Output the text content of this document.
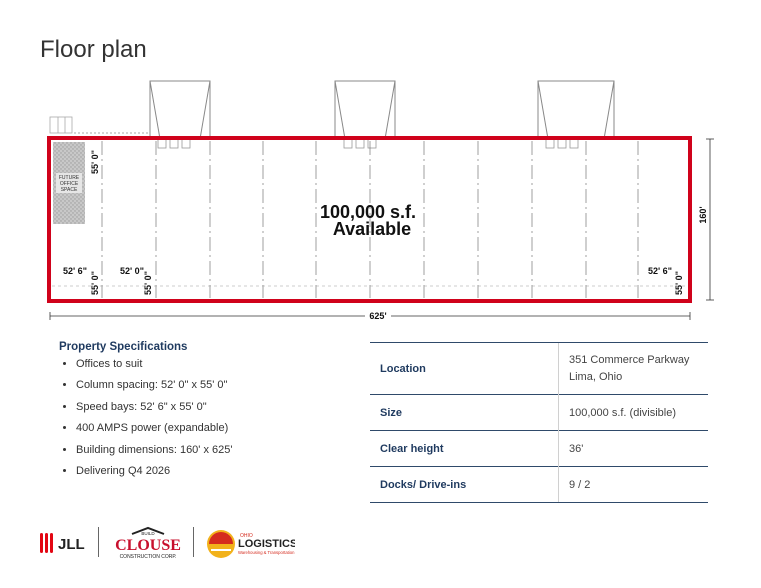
Floor plan
FUTURE
OFFICE
SPACE
100,000 s.f.
Available
52' 6"	52' 0"	52' 6"
55' 0"
55' 0"	55' 0"	55' 0"
160'
625'
Property Specifications
• Offices to suit
• Column spacing: 52' 0" x 55' 0"
• Speed bays: 52' 6" x 55' 0"
• 400 AMPS power (expandable)
• Building dimensions: 160' x 625'
• Delivering Q4 2026
Location	351 Commerce Parkway
Lima, Ohio

Size	100,000 s.f. (divisible)
Clear height	36'
Docks/ Drive-ins	9 / 2
JLL
BUILD
CLOUSE
CONSTRUCTION CORP.
OHIO
LOGISTICS
Warehousing & Transportation
